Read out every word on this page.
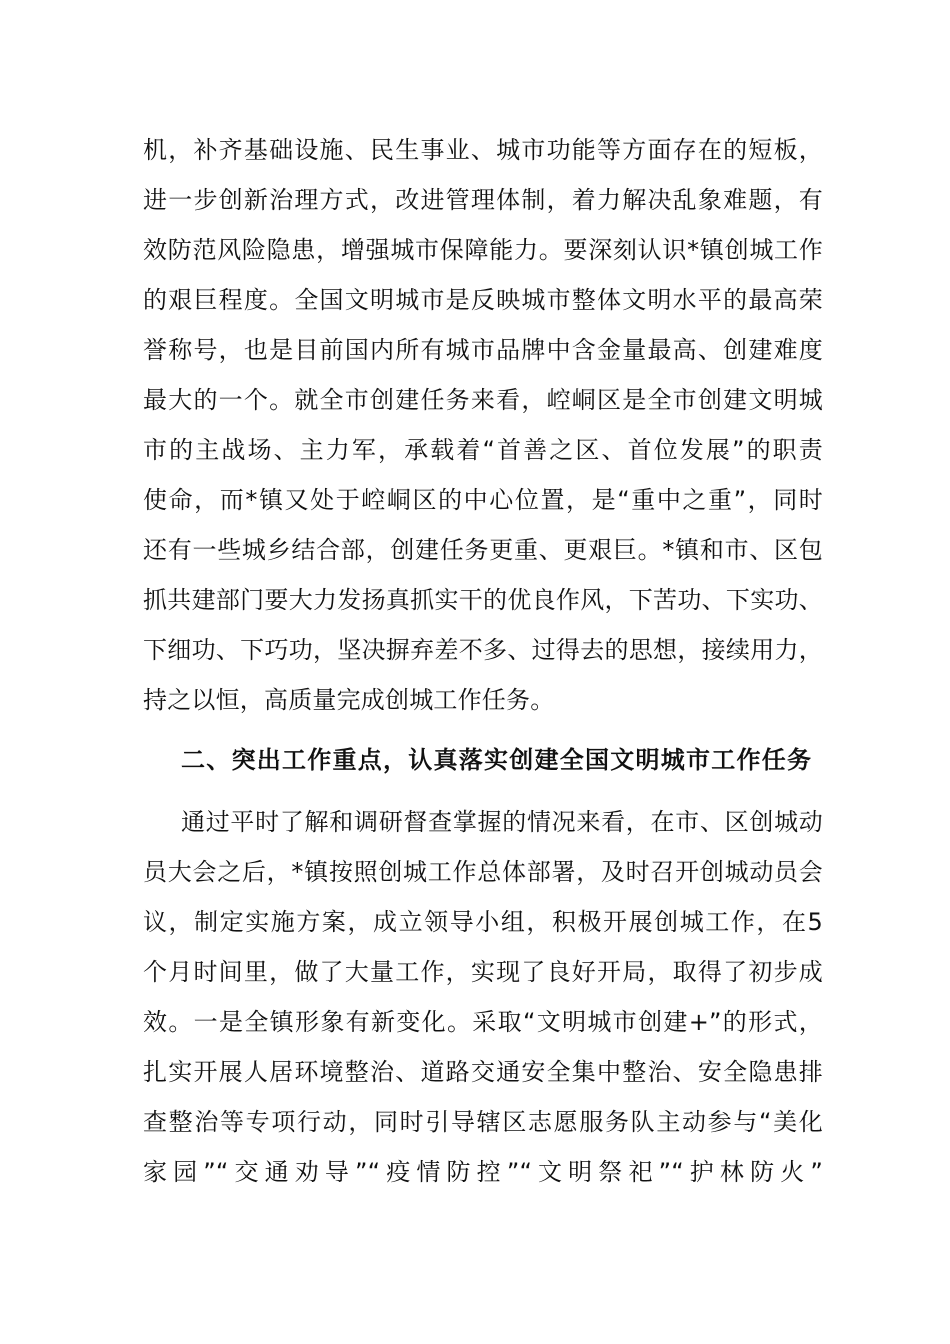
机，补齐基础设施、民生事业、城市功能等方面存在的短板，
进一步创新治理方式，改进管理体制，着力解决乱象难题，有
效防范风险隐患，增强城市保障能力。要深刻认识*镇创城工作
的艰巨程度。全国文明城市是反映城市整体文明水平的最高荣
誉称号，也是目前国内所有城市品牌中含金量最高、创建难度
最大的一个。就全市创建任务来看，崆峒区是全市创建文明城
市的主战场、主力军，承载着“首善之区、首位发展”的职责
使命，而*镇又处于崆峒区的中心位置，是“重中之重”，同时
还有一些城乡结合部，创建任务更重、更艰巨。*镇和市、区包
抓共建部门要大力发扬真抓实干的优良作风，下苦功、下实功、
下细功、下巧功，坚决摒弃差不多、过得去的思想，接续用力，
持之以恒，高质量完成创城工作任务。
二、突出工作重点，认真落实创建全国文明城市工作任务
通过平时了解和调研督查掌握的情况来看，在市、区创城动
员大会之后，*镇按照创城工作总体部署，及时召开创城动员会
议，制定实施方案，成立领导小组，积极开展创城工作，在5
个月时间里，做了大量工作，实现了良好开局，取得了初步成
效。一是全镇形象有新变化。采取“文明城市创建+”的形式，
扎实开展人居环境整治、道路交通安全集中整治、安全隐患排
查整治等专项行动，同时引导辖区志愿服务队主动参与“美化
家园”“交通劝导”“疫情防控”“文明祭祀”“护林防火”
